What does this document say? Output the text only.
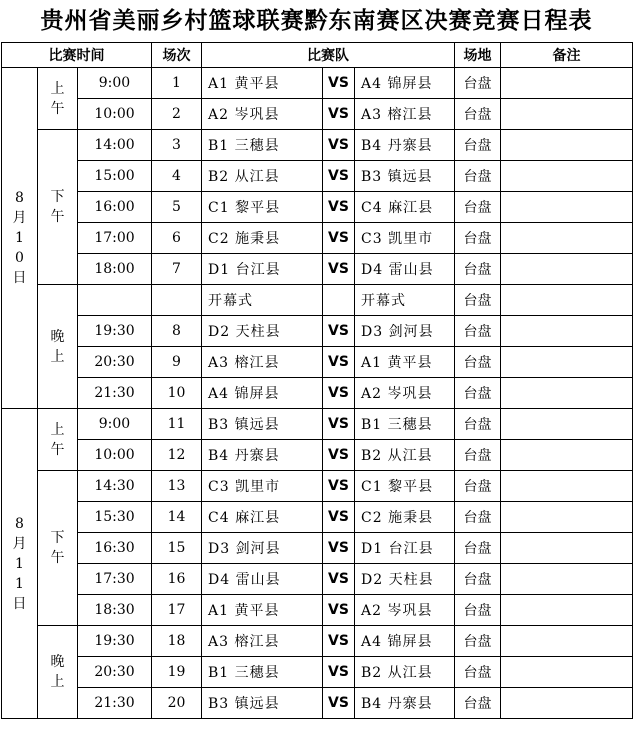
贵州省美丽乡村篮球联赛黔东南赛区决赛竞赛日程表
比赛时间			场次	比赛队			场地	备注
8月10日	上午	9:00	1	A1 黄平县	VS	A4 锦屏县	台盘	
		10:00	2	A2 岑巩县	VS	A3 榕江县	台盘	
	下午	14:00	3	B1 三穗县	VS	B4 丹寨县	台盘	
		15:00	4	B2 从江县	VS	B3 镇远县	台盘	
		16:00	5	C1 黎平县	VS	C4 麻江县	台盘	
		17:00	6	C2 施秉县	VS	C3 凯里市	台盘	
		18:00	7	D1 台江县	VS	D4 雷山县	台盘	
	晚上			开幕式		开幕式	台盘	
		19:30	8	D2 天柱县	VS	D3 剑河县	台盘	
		20:30	9	A3 榕江县	VS	A1 黄平县	台盘	
		21:30	10	A4 锦屏县	VS	A2 岑巩县	台盘	
8月11日	上午	9:00	11	B3 镇远县	VS	B1 三穗县	台盘	
		10:00	12	B4 丹寨县	VS	B2 从江县	台盘	
	下午	14:30	13	C3 凯里市	VS	C1 黎平县	台盘	
		15:30	14	C4 麻江县	VS	C2 施秉县	台盘	
		16:30	15	D3 剑河县	VS	D1 台江县	台盘	
		17:30	16	D4 雷山县	VS	D2 天柱县	台盘	
		18:30	17	A1 黄平县	VS	A2 岑巩县	台盘	
	晚上	19:30	18	A3 榕江县	VS	A4 锦屏县	台盘	
		20:30	19	B1 三穗县	VS	B2 从江县	台盘	
		21:30	20	B3 镇远县	VS	B4 丹寨县	台盘	
